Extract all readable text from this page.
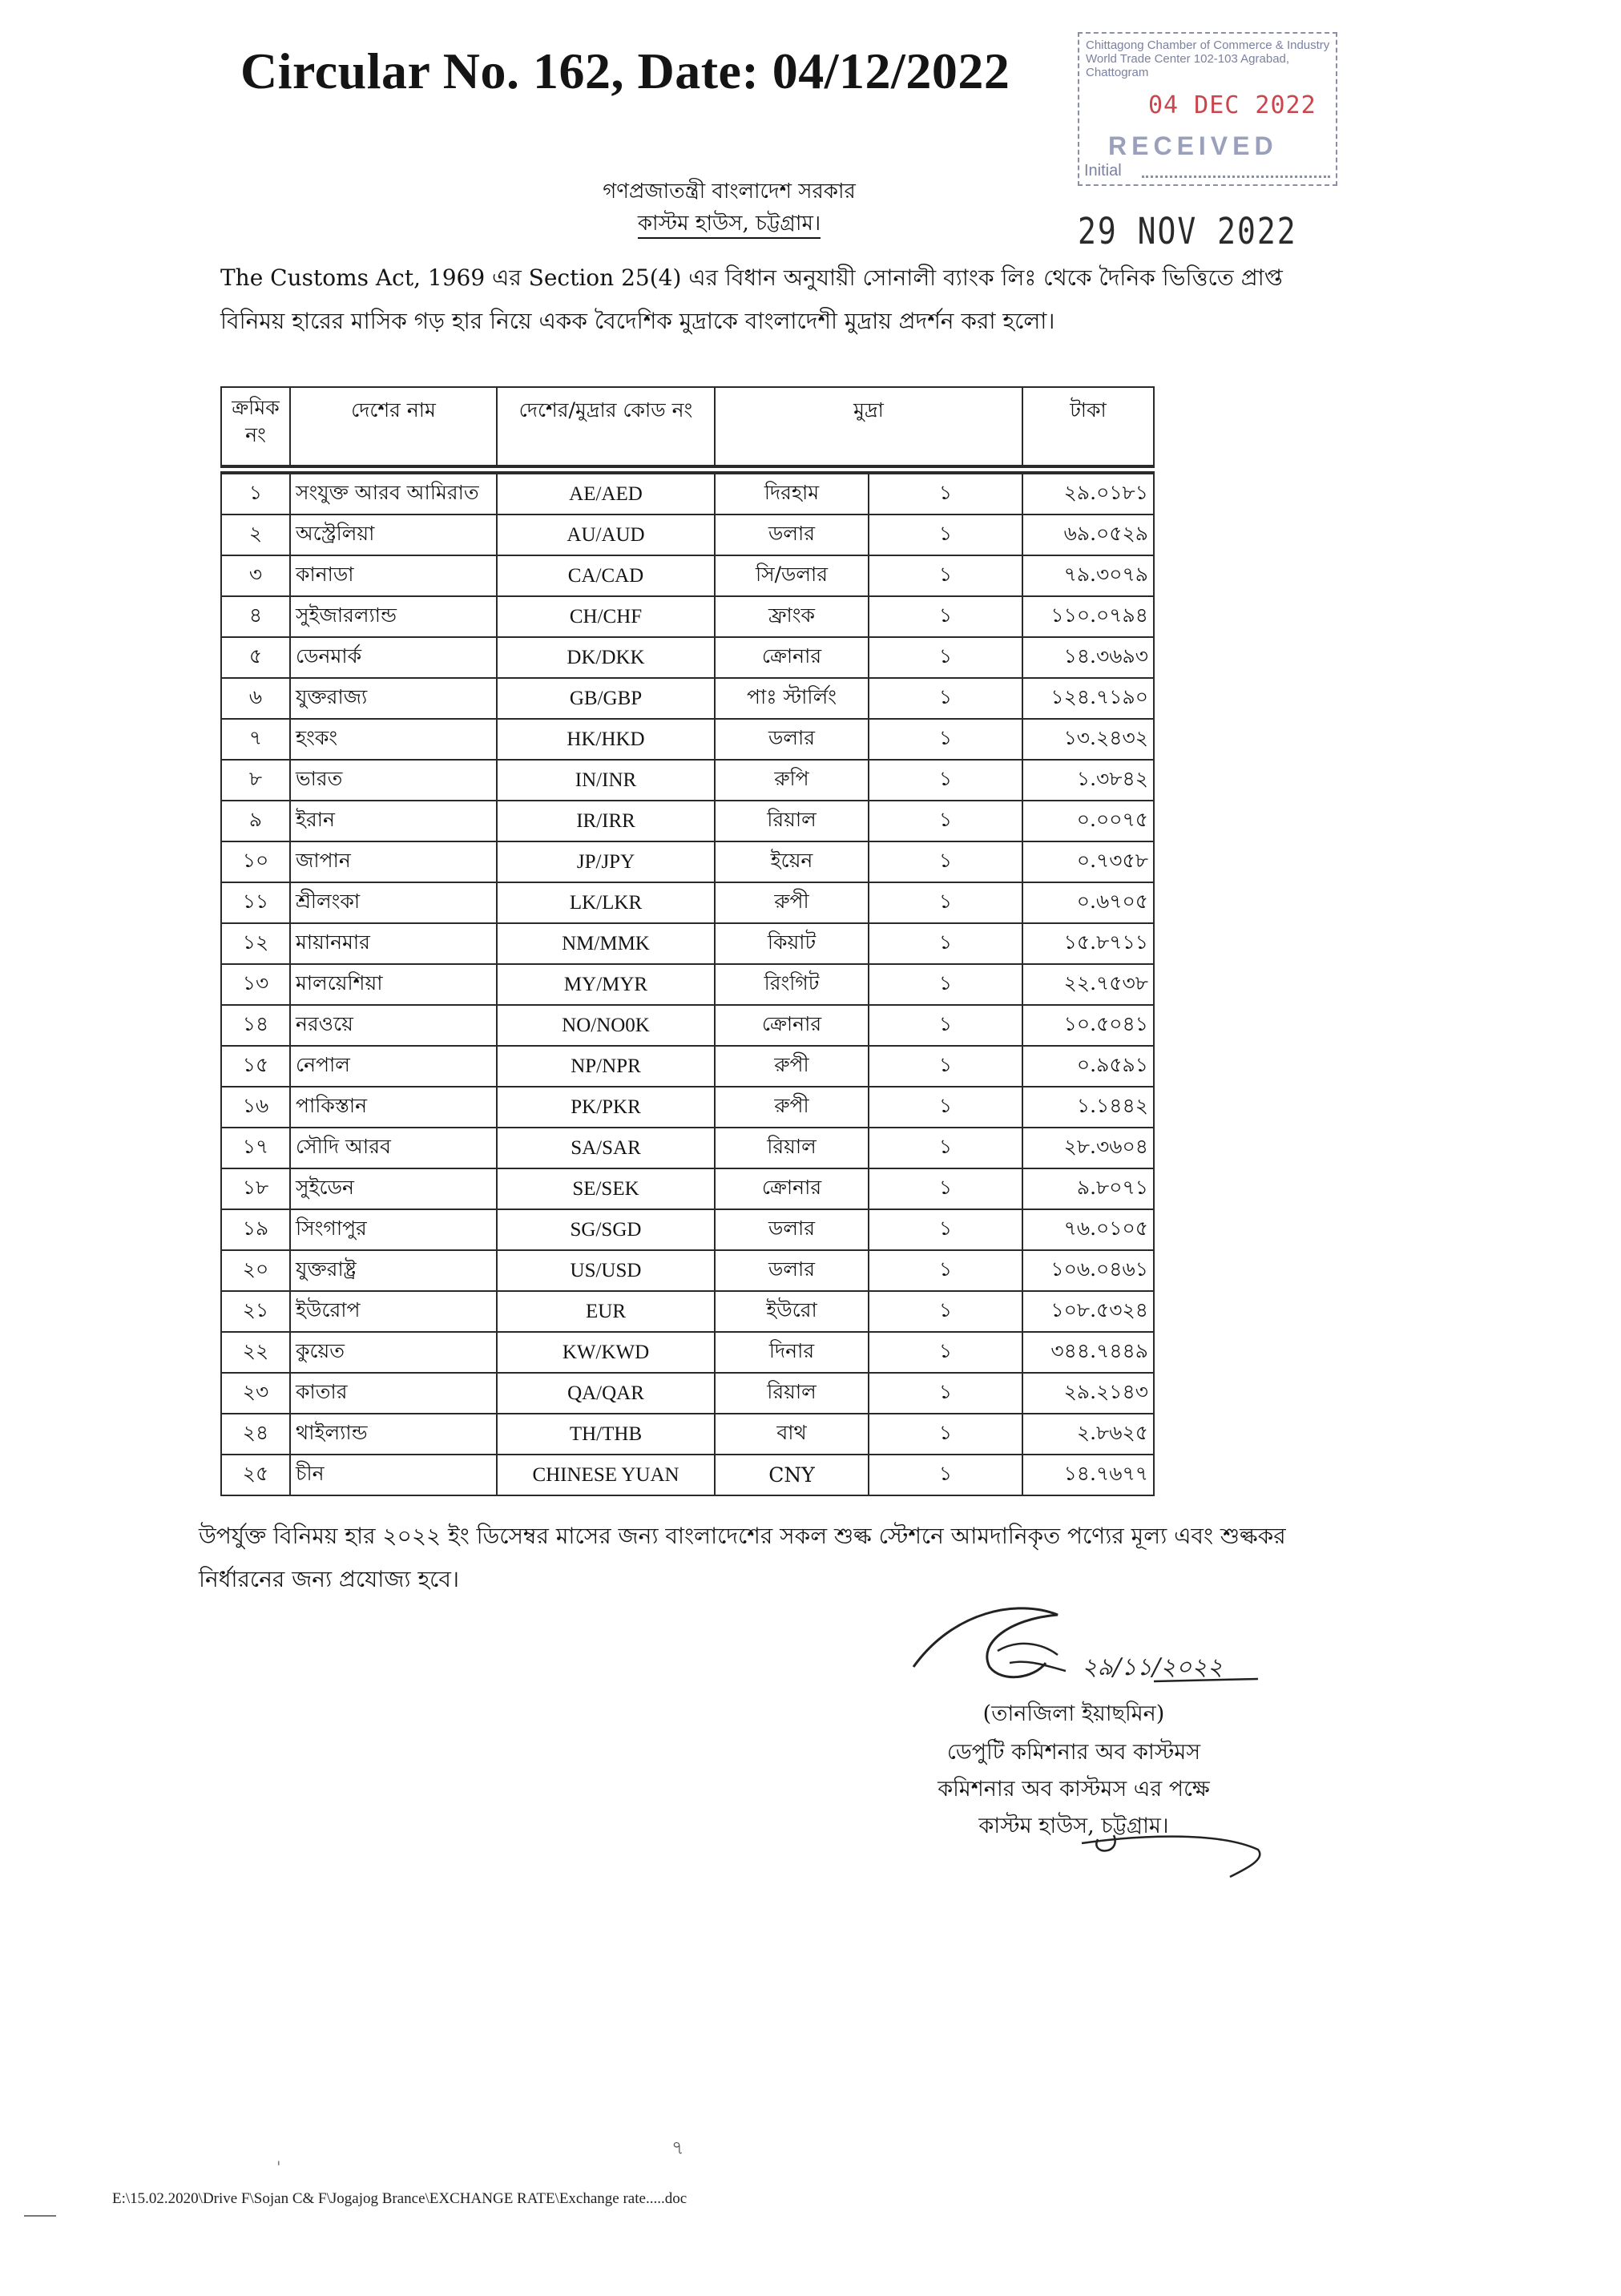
Circular No. 162, Date: 04/12/2022	Chittagong Chamber of Commerce & Industry
World Trade Center 102-103 Agrabad, Chattogram
04 DEC 2022
RECEIVED
Initial
29 NOV 2022
গণপ্রজাতন্ত্রী বাংলাদেশ সরকার
কাস্টম হাউস, চট্টগ্রাম।
The Customs Act, 1969 এর Section 25(4) এর বিধান অনুযায়ী সোনালী ব্যাংক লিঃ থেকে দৈনিক ভিত্তিতে প্রাপ্ত বিনিময় হারের মাসিক গড় হার নিয়ে একক বৈদেশিক মুদ্রাকে বাংলাদেশী মুদ্রায় প্রদর্শন করা হলো।
ক্রমিক নং	দেশের নাম	দেশের/মুদ্রার কোড নং	মুদ্রা		টাকা
১	সংযুক্ত আরব আমিরাত	AE/AED	দিরহাম	১	২৯.০১৮১
২	অস্ট্রেলিয়া	AU/AUD	ডলার	১	৬৯.০৫২৯
৩	কানাডা	CA/CAD	সি/ডলার	১	৭৯.৩০৭৯
৪	সুইজারল্যান্ড	CH/CHF	ফ্রাংক	১	১১০.০৭৯৪
৫	ডেনমার্ক	DK/DKK	ক্রোনার	১	১৪.৩৬৯৩
৬	যুক্তরাজ্য	GB/GBP	পাঃ স্টার্লিং	১	১২৪.৭১৯০
৭	হংকং	HK/HKD	ডলার	১	১৩.২৪৩২
৮	ভারত	IN/INR	রুপি	১	১.৩৮৪২
৯	ইরান	IR/IRR	রিয়াল	১	০.০০৭৫
১০	জাপান	JP/JPY	ইয়েন	১	০.৭৩৫৮
১১	শ্রীলংকা	LK/LKR	রুপী	১	০.৬৭০৫
১২	মায়ানমার	NM/MMK	কিয়াট	১	১৫.৮৭১১
১৩	মালয়েশিয়া	MY/MYR	রিংগিট	১	২২.৭৫৩৮
১৪	নরওয়ে	NO/NO0K	ক্রোনার	১	১০.৫০৪১
১৫	নেপাল	NP/NPR	রুপী	১	০.৯৫৯১
১৬	পাকিস্তান	PK/PKR	রুপী	১	১.১৪৪২
১৭	সৌদি আরব	SA/SAR	রিয়াল	১	২৮.৩৬০৪
১৮	সুইডেন	SE/SEK	ক্রোনার	১	৯.৮০৭১
১৯	সিংগাপুর	SG/SGD	ডলার	১	৭৬.০১০৫
২০	যুক্তরাষ্ট্র	US/USD	ডলার	১	১০৬.০৪৬১
২১	ইউরোপ	EUR	ইউরো	১	১০৮.৫৩২৪
২২	কুয়েত	KW/KWD	দিনার	১	৩৪৪.৭৪৪৯
২৩	কাতার	QA/QAR	রিয়াল	১	২৯.২১৪৩
২৪	থাইল্যান্ড	TH/THB	বাথ	১	২.৮৬২৫
২৫	চীন	CHINESE YUAN	CNY	১	১৪.৭৬৭৭
উপর্যুক্ত বিনিময় হার ২০২২ ইং ডিসেম্বর মাসের জন্য বাংলাদেশের সকল শুল্ক স্টেশনে আমদানিকৃত পণ্যের মূল্য এবং শুল্ককর নির্ধারনের জন্য প্রযোজ্য হবে।
২৯/১১/২০২২
(তানজিলা ইয়াছমিন)
ডেপুটি কমিশনার অব কাস্টমস
কমিশনার অব কাস্টমস এর পক্ষে
কাস্টম হাউস, চট্টগ্রাম।
৭
'
E:\15.02.2020\Drive F\Sojan C& F\Jogajog Brance\EXCHANGE RATE\Exchange rate.....doc
